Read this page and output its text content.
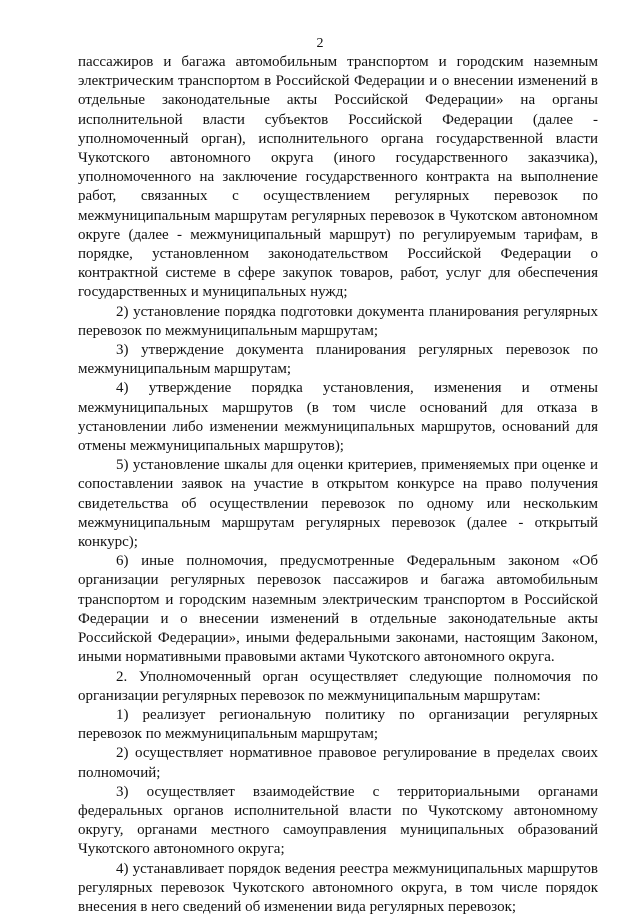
2

пассажиров и багажа автомобильным транспортом и городским наземным электрическим транспортом в Российской Федерации и о внесении изменений в отдельные законодательные акты Российской Федерации» на органы исполнительной власти субъектов Российской Федерации (далее - уполномоченный орган), исполнительного органа государственной власти Чукотского автономного округа (иного государственного заказчика), уполномоченного на заключение государственного контракта на выполнение работ, связанных с осуществлением регулярных перевозок по межмуниципальным маршрутам регулярных перевозок в Чукотском автономном округе (далее - межмуниципальный маршрут) по регулируемым тарифам, в порядке, установленном законодательством Российской Федерации о контрактной системе в сфере закупок товаров, работ, услуг для обеспечения государственных и муниципальных нужд;

2) установление порядка подготовки документа планирования регулярных перевозок по межмуниципальным маршрутам;

3) утверждение документа планирования регулярных перевозок по межмуниципальным маршрутам;

4) утверждение порядка установления, изменения и отмены межмуниципальных маршрутов (в том числе оснований для отказа в установлении либо изменении межмуниципальных маршрутов, оснований для отмены межмуниципальных маршрутов);

5) установление шкалы для оценки критериев, применяемых при оценке и сопоставлении заявок на участие в открытом конкурсе на право получения свидетельства об осуществлении перевозок по одному или нескольким межмуниципальным маршрутам регулярных перевозок (далее - открытый конкурс);

6) иные полномочия, предусмотренные Федеральным законом «Об организации регулярных перевозок пассажиров и багажа автомобильным транспортом и городским наземным электрическим транспортом в Российской Федерации и о внесении изменений в отдельные законодательные акты Российской Федерации», иными федеральными законами, настоящим Законом, иными нормативными правовыми актами Чукотского автономного округа.

2. Уполномоченный орган осуществляет следующие полномочия по организации регулярных перевозок по межмуниципальным маршрутам:

1) реализует региональную политику по организации регулярных перевозок по межмуниципальным маршрутам;

2) осуществляет нормативное правовое регулирование в пределах своих полномочий;

3) осуществляет взаимодействие с территориальными органами федеральных органов исполнительной власти по Чукотскому автономному округу, органами местного самоуправления муниципальных образований Чукотского автономного округа;

4) устанавливает порядок ведения реестра межмуниципальных маршрутов регулярных перевозок Чукотского автономного округа, в том числе порядок внесения в него сведений об изменении вида регулярных перевозок;
